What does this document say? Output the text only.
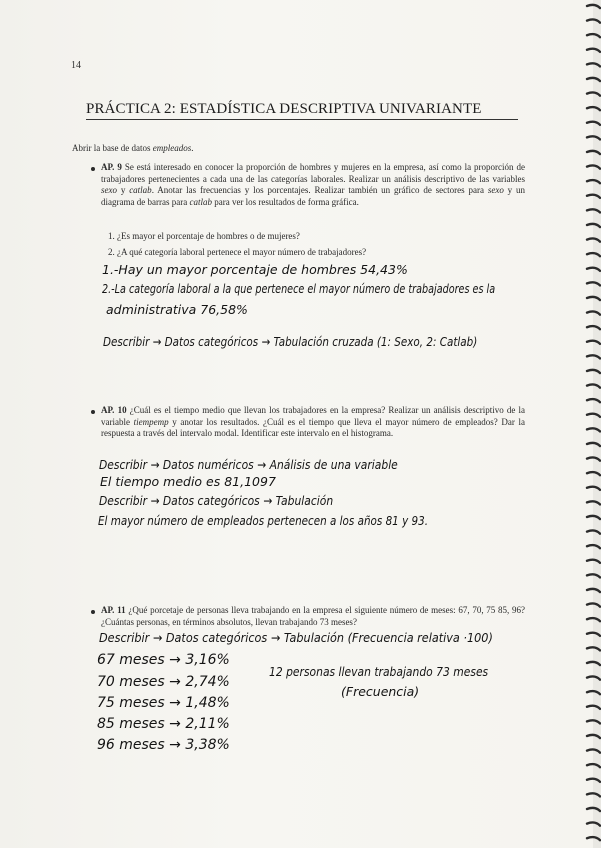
14
PRÁCTICA 2: ESTADÍSTICA DESCRIPTIVA UNIVARIANTE
Abrir la base de datos empleados.
AP. 9 Se está interesado en conocer la proporción de hombres y mujeres en la empresa, así como la proporción de trabajadores pertenecientes a cada una de las categorías laborales. Realizar un análisis descriptivo de las variables sexo y catlab. Anotar las frecuencias y los porcentajes. Realizar también un gráfico de sectores para sexo y un diagrama de barras para catlab para ver los resultados de forma gráfica.
1. ¿Es mayor el porcentaje de hombres o de mujeres?
2. ¿A qué categoría laboral pertenece el mayor número de trabajadores?
1.-Hay un mayor porcentaje de hombres 54,43%
2.-La categoría laboral a la que pertenece el mayor número de trabajadores es la
administrativa 76,58%
Describir → Datos categóricos → Tabulación cruzada (1: Sexo, 2: Catlab)
AP. 10 ¿Cuál es el tiempo medio que llevan los trabajadores en la empresa? Realizar un análisis descriptivo de la variable tiempemp y anotar los resultados. ¿Cuál es el tiempo que lleva el mayor número de empleados? Dar la respuesta a través del intervalo modal. Identificar este intervalo en el histograma.
Describir → Datos numéricos → Análisis de una variable
El tiempo medio es 81,1097
Describir → Datos categóricos → Tabulación
El mayor número de empleados pertenecen a los años 81 y 93.
AP. 11 ¿Qué porcetaje de personas lleva trabajando en la empresa el siguiente número de meses: 67, 70, 75 85, 96? ¿Cuántas personas, en términos absolutos, llevan trabajando 73 meses?
Describir → Datos categóricos → Tabulación (Frecuencia relativa ·100)
67 meses → 3,16%
70 meses → 2,74%
75 meses → 1,48%
85 meses → 2,11%
96 meses → 3,38%
12 personas llevan trabajando 73 meses
(Frecuencia)
